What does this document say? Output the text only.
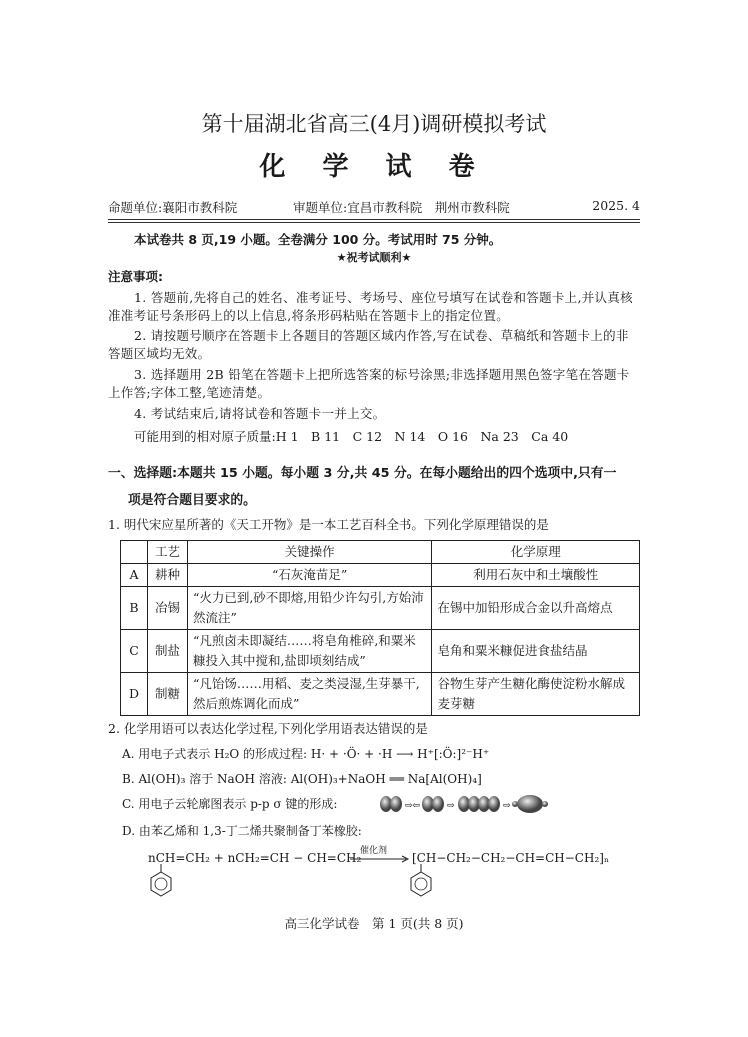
第十届湖北省高三(4月)调研模拟考试
化 学 试 卷
命题单位:襄阳市教科院	审题单位:宜昌市教科院　荆州市教科院	2025. 4
本试卷共 8 页,19 小题。全卷满分 100 分。考试用时 75 分钟。
★祝考试顺利★
注意事项:
1. 答题前,先将自己的姓名、准考证号、考场号、座位号填写在试卷和答题卡上,并认真核准准考证号条形码上的以上信息,将条形码粘贴在答题卡上的指定位置。
2. 请按题号顺序在答题卡上各题目的答题区域内作答,写在试卷、草稿纸和答题卡上的非答题区域均无效。
3. 选择题用 2B 铅笔在答题卡上把所选答案的标号涂黑;非选择题用黑色签字笔在答题卡上作答;字体工整,笔迹清楚。
4. 考试结束后,请将试卷和答题卡一并上交。
可能用到的相对原子质量:H 1　B 11　C 12　N 14　O 16　Na 23　Ca 40
一、选择题:本题共 15 小题。每小题 3 分,共 45 分。在每小题给出的四个选项中,只有一
项是符合题目要求的。
1. 明代宋应星所著的《天工开物》是一本工艺百科全书。下列化学原理错误的是
	工艺	关键操作	化学原理
A	耕种	“石灰淹苗足”	利用石灰中和土壤酸性
B	冶锡	“火力已到,砂不即熔,用铅少许勾引,方始沛然流注”	在锡中加铅形成合金以升高熔点
C	制盐	“凡煎卤未即凝结……将皂角椎碎,和粟米糠投入其中搅和,盐即顷刻结成”	皂角和粟米糠促进食盐结晶
D	制糖	“凡饴饧……用稻、麦之类浸湿,生芽暴干,然后煎炼调化而成”	谷物生芽产生糖化酶使淀粉水解成麦芽糖
2. 化学用语可以表达化学过程,下列化学用语表达错误的是
A. 用电子式表示 H₂O 的形成过程: H· + ·Ö· + ·H ⟶ H⁺[:Ö:]²⁻H⁺
B. Al(OH)₃ 溶于 NaOH 溶液: Al(OH)₃+NaOH ══ Na[Al(OH)₄]
C. 用电子云轮廓图表示 p-p σ 键的形成:	⇨⇦	⇨	⇨
D. 由苯乙烯和 1,3-丁二烯共聚制备丁苯橡胶:
nCH=CH₂ + nCH₂=CH − CH=CH₂
催化剂 [CH−CH₂−CH₂−CH=CH−CH₂]ₙ
高三化学试卷　第 1 页(共 8 页)
